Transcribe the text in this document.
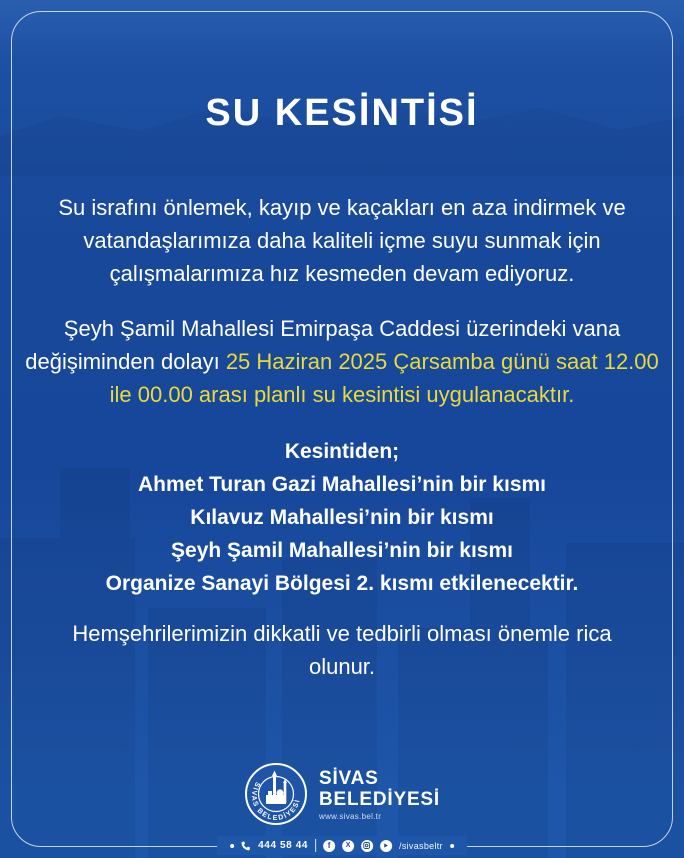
SU KESİNTİSİ

Su israfını önlemek, kayıp ve kaçakları en aza indirmek ve vatandaşlarımıza daha kaliteli içme suyu sunmak için çalışmalarımıza hız kesmeden devam ediyoruz.

Şeyh Şamil Mahallesi Emirpaşa Caddesi üzerindeki vana değişiminden dolayı 25 Haziran 2025 Çarsamba günü saat 12.00 ile 00.00 arası planlı su kesintisi uygulanacaktır.

Kesintiden;
Ahmet Turan Gazi Mahallesi’nin bir kısmı
Kılavuz Mahallesi’nin bir kısmı
Şeyh Şamil Mahallesi’nin bir kısmı
Organize Sanayi Bölgesi 2. kısmı etkilenecektir.

Hemşehrilerimizin dikkatli ve tedbirli olması önemle rica olunur.

SİVAS BELEDİYESİ
SİVAS
BELEDİYESİ
www.sivas.bel.tr
444 58 44	f	X	/sivasbeltr
